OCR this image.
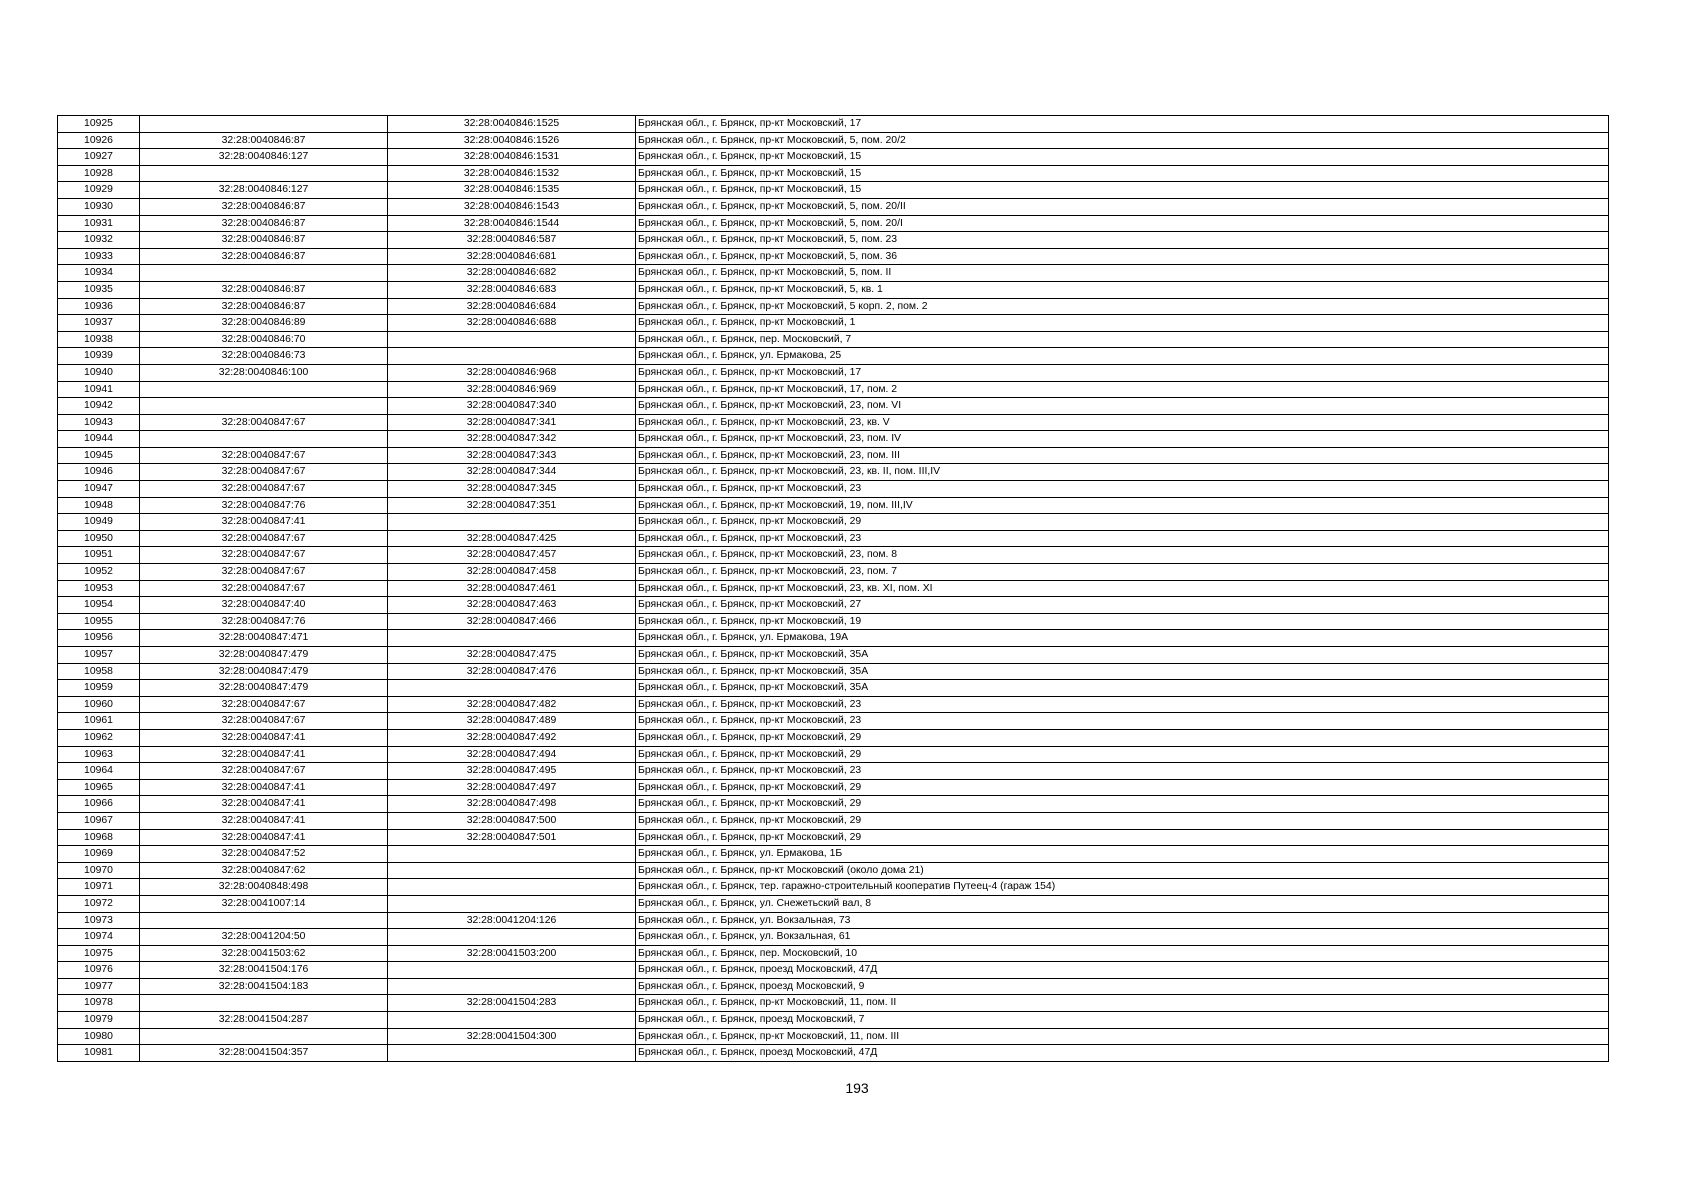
10925		32:28:0040846:1525	Брянская обл., г. Брянск, пр-кт Московский, 17
10926	32:28:0040846:87	32:28:0040846:1526	Брянская обл., г. Брянск, пр-кт Московский, 5, пом. 20/2
10927	32:28:0040846:127	32:28:0040846:1531	Брянская обл., г. Брянск, пр-кт Московский, 15
10928		32:28:0040846:1532	Брянская обл., г. Брянск, пр-кт Московский, 15
10929	32:28:0040846:127	32:28:0040846:1535	Брянская обл., г. Брянск, пр-кт Московский, 15
10930	32:28:0040846:87	32:28:0040846:1543	Брянская обл., г. Брянск, пр-кт Московский, 5, пом. 20/II
10931	32:28:0040846:87	32:28:0040846:1544	Брянская обл., г. Брянск, пр-кт Московский, 5, пом. 20/I
10932	32:28:0040846:87	32:28:0040846:587	Брянская обл., г. Брянск, пр-кт Московский, 5, пом. 23
10933	32:28:0040846:87	32:28:0040846:681	Брянская обл., г. Брянск, пр-кт Московский, 5, пом. 36
10934		32:28:0040846:682	Брянская обл., г. Брянск, пр-кт Московский, 5, пом. II
10935	32:28:0040846:87	32:28:0040846:683	Брянская обл., г. Брянск, пр-кт Московский, 5, кв. 1
10936	32:28:0040846:87	32:28:0040846:684	Брянская обл., г. Брянск, пр-кт Московский, 5 корп. 2, пом. 2
10937	32:28:0040846:89	32:28:0040846:688	Брянская обл., г. Брянск, пр-кт Московский, 1
10938	32:28:0040846:70		Брянская обл., г. Брянск, пер. Московский, 7
10939	32:28:0040846:73		Брянская обл., г. Брянск, ул. Ермакова, 25
10940	32:28:0040846:100	32:28:0040846:968	Брянская обл., г. Брянск, пр-кт Московский, 17
10941		32:28:0040846:969	Брянская обл., г. Брянск, пр-кт Московский, 17, пом. 2
10942		32:28:0040847:340	Брянская обл., г. Брянск, пр-кт Московский, 23, пом. VI
10943	32:28:0040847:67	32:28:0040847:341	Брянская обл., г. Брянск, пр-кт Московский, 23, кв. V
10944		32:28:0040847:342	Брянская обл., г. Брянск, пр-кт Московский, 23, пом. IV
10945	32:28:0040847:67	32:28:0040847:343	Брянская обл., г. Брянск, пр-кт Московский, 23, пом. III
10946	32:28:0040847:67	32:28:0040847:344	Брянская обл., г. Брянск, пр-кт Московский, 23, кв. II, пом. III,IV
10947	32:28:0040847:67	32:28:0040847:345	Брянская обл., г. Брянск, пр-кт Московский, 23
10948	32:28:0040847:76	32:28:0040847:351	Брянская обл., г. Брянск, пр-кт Московский, 19, пом. III,IV
10949	32:28:0040847:41		Брянская обл., г. Брянск, пр-кт Московский, 29
10950	32:28:0040847:67	32:28:0040847:425	Брянская обл., г. Брянск, пр-кт Московский, 23
10951	32:28:0040847:67	32:28:0040847:457	Брянская обл., г. Брянск, пр-кт Московский, 23, пом. 8
10952	32:28:0040847:67	32:28:0040847:458	Брянская обл., г. Брянск, пр-кт Московский, 23, пом. 7
10953	32:28:0040847:67	32:28:0040847:461	Брянская обл., г. Брянск, пр-кт Московский, 23, кв. XI, пом. XI
10954	32:28:0040847:40	32:28:0040847:463	Брянская обл., г. Брянск, пр-кт Московский, 27
10955	32:28:0040847:76	32:28:0040847:466	Брянская обл., г. Брянск, пр-кт Московский, 19
10956	32:28:0040847:471		Брянская обл., г. Брянск, ул. Ермакова, 19А
10957	32:28:0040847:479	32:28:0040847:475	Брянская обл., г. Брянск, пр-кт Московский, 35А
10958	32:28:0040847:479	32:28:0040847:476	Брянская обл., г. Брянск, пр-кт Московский, 35А
10959	32:28:0040847:479		Брянская обл., г. Брянск, пр-кт Московский, 35А
10960	32:28:0040847:67	32:28:0040847:482	Брянская обл., г. Брянск, пр-кт Московский, 23
10961	32:28:0040847:67	32:28:0040847:489	Брянская обл., г. Брянск, пр-кт Московский, 23
10962	32:28:0040847:41	32:28:0040847:492	Брянская обл., г. Брянск, пр-кт Московский, 29
10963	32:28:0040847:41	32:28:0040847:494	Брянская обл., г. Брянск, пр-кт Московский, 29
10964	32:28:0040847:67	32:28:0040847:495	Брянская обл., г. Брянск, пр-кт Московский, 23
10965	32:28:0040847:41	32:28:0040847:497	Брянская обл., г. Брянск, пр-кт Московский, 29
10966	32:28:0040847:41	32:28:0040847:498	Брянская обл., г. Брянск, пр-кт Московский, 29
10967	32:28:0040847:41	32:28:0040847:500	Брянская обл., г. Брянск, пр-кт Московский, 29
10968	32:28:0040847:41	32:28:0040847:501	Брянская обл., г. Брянск, пр-кт Московский, 29
10969	32:28:0040847:52		Брянская обл., г. Брянск, ул. Ермакова, 1Б
10970	32:28:0040847:62		Брянская обл., г. Брянск, пр-кт Московский (около дома 21)
10971	32:28:0040848:498		Брянская обл., г. Брянск, тер. гаражно-строительный кооператив Путеец-4 (гараж 154)
10972	32:28:0041007:14		Брянская обл., г. Брянск, ул. Снежетьский вал, 8
10973		32:28:0041204:126	Брянская обл., г. Брянск, ул. Вокзальная, 73
10974	32:28:0041204:50		Брянская обл., г. Брянск, ул. Вокзальная, 61
10975	32:28:0041503:62	32:28:0041503:200	Брянская обл., г. Брянск, пер. Московский, 10
10976	32:28:0041504:176		Брянская обл., г. Брянск, проезд Московский, 47Д
10977	32:28:0041504:183		Брянская обл., г. Брянск, проезд Московский, 9
10978		32:28:0041504:283	Брянская обл., г. Брянск, пр-кт Московский, 11, пом. II
10979	32:28:0041504:287		Брянская обл., г. Брянск, проезд Московский, 7
10980		32:28:0041504:300	Брянская обл., г. Брянск, пр-кт Московский, 11, пом. III
10981	32:28:0041504:357		Брянская обл., г. Брянск, проезд Московский, 47Д
193
